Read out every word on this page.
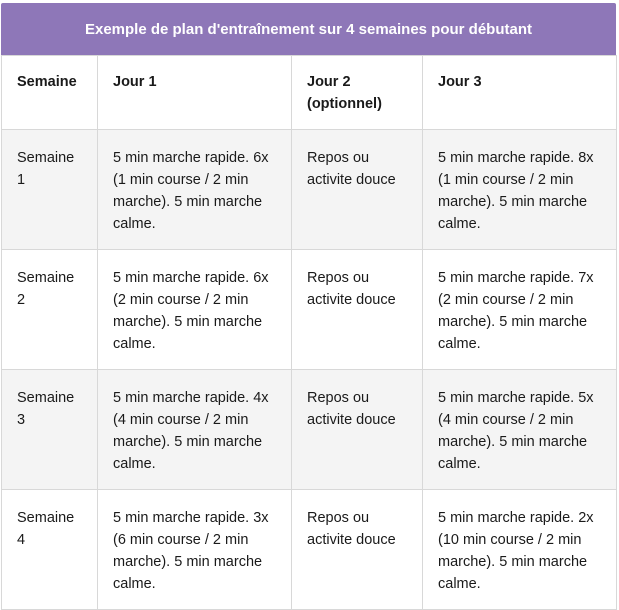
Exemple de plan d'entraînement sur 4 semaines pour débutant
Semaine	Jour 1	Jour 2 (optionnel)	Jour 3
Semaine 1	5 min marche rapide. 6x (1 min course / 2 min marche). 5 min marche calme.	Repos ou activite douce	5 min marche rapide. 8x (1 min course / 2 min marche). 5 min marche calme.
Semaine 2	5 min marche rapide. 6x (2 min course / 2 min marche). 5 min marche calme.	Repos ou activite douce	5 min marche rapide. 7x (2 min course / 2 min marche). 5 min marche calme.
Semaine 3	5 min marche rapide. 4x (4 min course / 2 min marche). 5 min marche calme.	Repos ou activite douce	5 min marche rapide. 5x (4 min course / 2 min marche). 5 min marche calme.
Semaine 4	5 min marche rapide. 3x (6 min course / 2 min marche). 5 min marche calme.	Repos ou activite douce	5 min marche rapide. 2x (10 min course / 2 min marche). 5 min marche calme.
